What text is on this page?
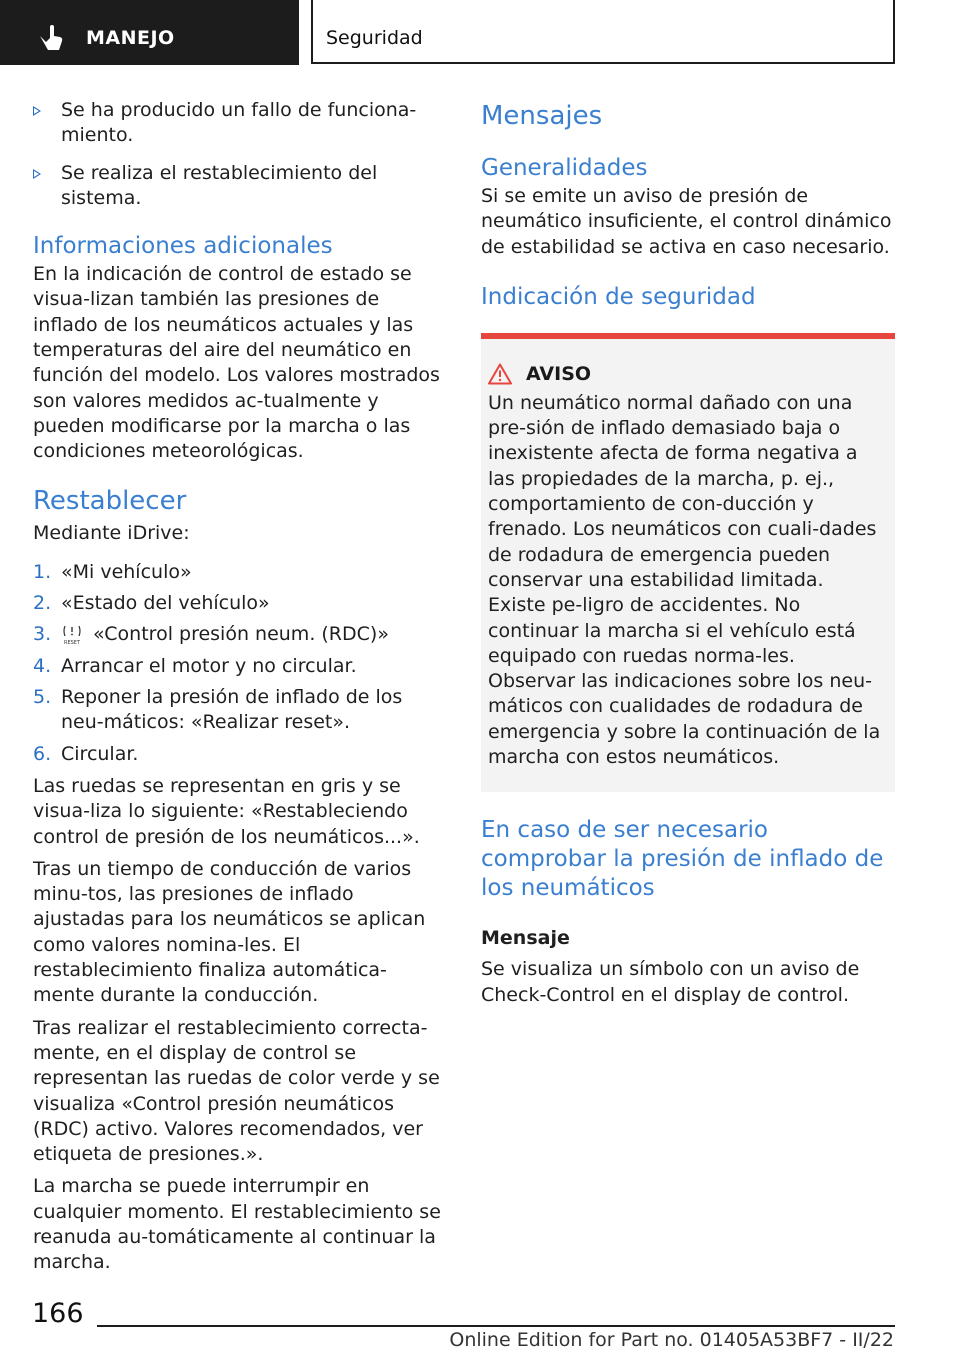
MANEJO	Seguridad

Se ha producido un fallo de funciona-
miento.

Se realiza el restablecimiento del sistema.

Informaciones adicionales

En la indicación de control de estado se visua-lizan también las presiones de inflado de los neumáticos actuales y las temperaturas del aire del neumático en función del modelo. Los valores mostrados son valores medidos ac-tualmente y pueden modificarse por la marcha o las condiciones meteorológicas.

Restablecer

Mediante iDrive:

1. «Mi vehículo»

2. «Estado del vehículo»

3.	RESET «Control presión neum. (RDC)»

4. Arrancar el motor y no circular.

5. Reponer la presión de inflado de los neu-máticos: «Realizar reset».

6. Circular.

Las ruedas se representan en gris y se visua-liza lo siguiente: «Restableciendo control de presión de los neumáticos...».

Tras un tiempo de conducción de varios minu-tos, las presiones de inflado ajustadas para los neumáticos se aplican como valores nomina-les. El restablecimiento finaliza automática-mente durante la conducción.

Tras realizar el restablecimiento correcta-mente, en el display de control se representan las ruedas de color verde y se visualiza «Control presión neumáticos (RDC) activo. Valores recomendados, ver etiqueta de presiones.».

La marcha se puede interrumpir en cualquier momento. El restablecimiento se reanuda au-tomáticamente al continuar la marcha.

Mensajes
Generalidades

Si se emite un aviso de presión de neumático insuficiente, el control dinámico de estabilidad se activa en caso necesario.

Indicación de seguridad
AVISO

Un neumático normal dañado con una pre-sión de inflado demasiado baja o inexistente afecta de forma negativa a las propiedades de la marcha, p. ej., comportamiento de con-ducción y frenado. Los neumáticos con cuali-dades de rodadura de emergencia pueden conservar una estabilidad limitada. Existe pe-ligro de accidentes. No continuar la marcha si el vehículo está equipado con ruedas norma-les. Observar las indicaciones sobre los neu-máticos con cualidades de rodadura de emergencia y sobre la continuación de la marcha con estos neumáticos.

En caso de ser necesario comprobar la presión de inflado de los neumáticos

Mensaje

Se visualiza un símbolo con un aviso de Check-Control en el display de control.

166
Online Edition for Part no. 01405A53BF7 - II/22
